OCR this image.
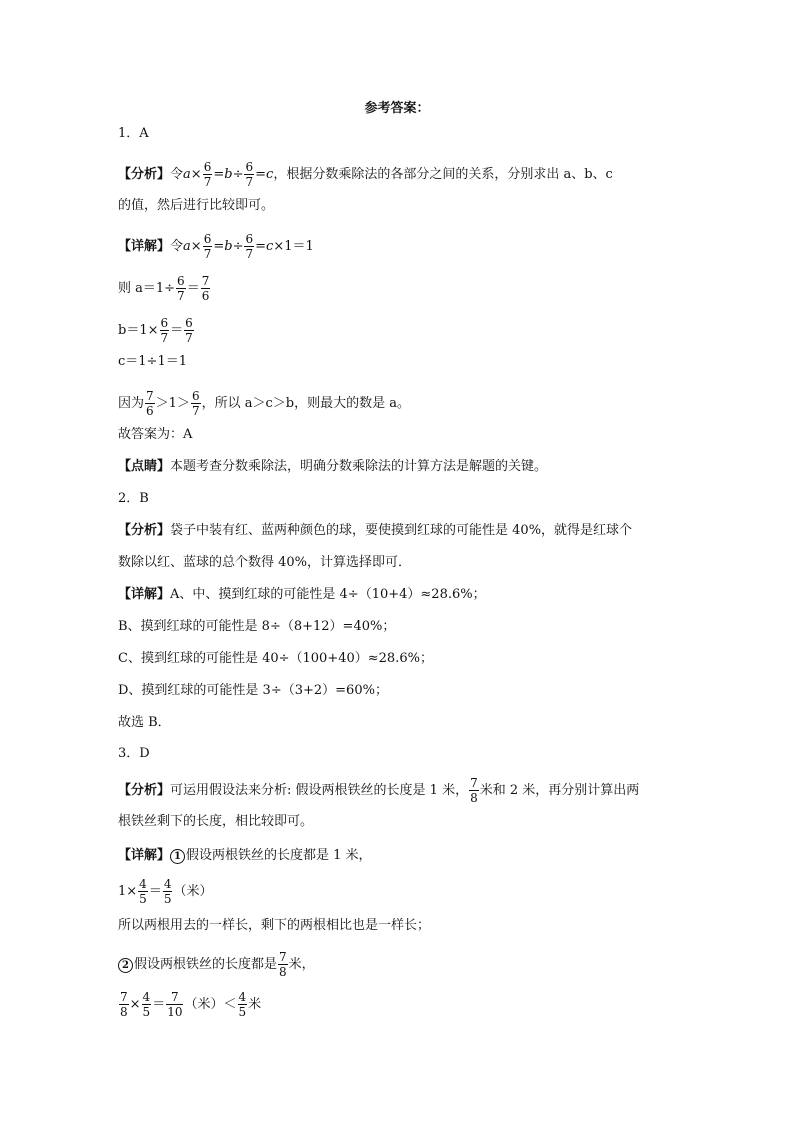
参考答案：
1．A
【分析】令$a\times \frac{6}{7} =b\div \frac{6}{7} =c$，根据分数乘除法的各部分之间的关系，分别求出 a、b、c
的值，然后进行比较即可。
【详解】令$a\times \frac{6}{7} =b\div \frac{6}{7} =c\times 1=1$
则 $a=1\div \frac{6}{7} = \frac{7}{6}$
$b=1\times \frac{6}{7} = \frac{6}{7}$
c＝1÷1＝1
因为 $\frac{7}{6} >1> \frac{6}{7}$ ，所以 a＞c＞b，则最大的数是 a。
故答案为：A
【点睛】本题考查分数乘除法，明确分数乘除法的计算方法是解题的关键。
2．B
【分析】袋子中装有红、蓝两种颜色的球，要使摸到红球的可能性是 40%，就得是红球个
数除以红、蓝球的总个数得 40%，计算选择即可．
【详解】A、中、摸到红球的可能性是 4÷（10+4）≈28.6%；
B、摸到红球的可能性是 8÷（8+12）=40%；
C、摸到红球的可能性是 40÷（100+40）≈28.6%；
D、摸到红球的可能性是 3÷（3+2）=60%；
故选 B．
3．D
【分析】可运用假设法来分析: 假设两根铁丝的长度是 1 米， $\frac{7}{8}$ 米和 2 米，再分别计算出两
根铁丝剩下的长度，相比较即可。
【详解】 1 假设两根铁丝的长度都是 1 米，
$1\times \frac{4}{5} = \frac{4}{5}$ （米）
所以两根用去的一样长，剩下的两根相比也是一样长；
2 假设两根铁丝的长度都是 $\frac{7}{8}$ 米，
$\frac{7}{8} \times \frac{4}{5} = \frac{7}{10}$ （米）＜ $\frac{4}{5}$ 米
